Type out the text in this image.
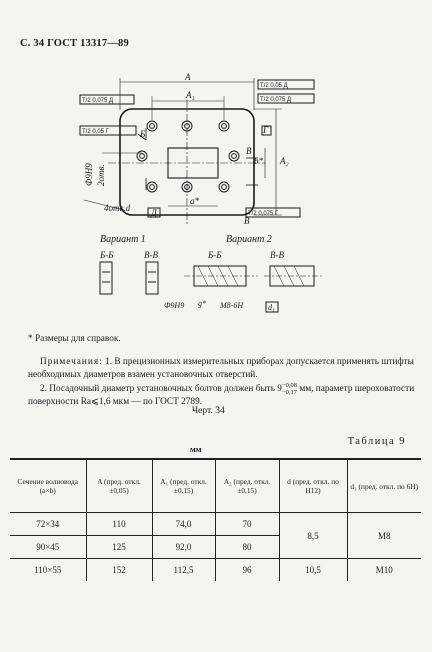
С. 34 ГОСТ 13317—89
A
A₁
A₂
b*
a*
B
Г
Д
Б
В
4отв.d
Ф9Н9 2отв.
Вариант 1	Вариант 2
Б-Б	В-В	Б-Б	В-В
Ф9Н9 g* М8-6Н	d₁
T/2 0,05 Д
T/2 0,075 Д
T/2 0,075 Д
T/2 0,05 Г
T/2 0,075 Г
* Размеры для справок.
Примечания: 1. В прецизионных измерительных приборах допускается применять штифты необходимых диаметров взамен установочных отверстий.
2. Посадочный диаметр установочных болтов должен быть 9 −0,08
−0,17 мм, параметр шероховатости поверхности Ra⩽1,6 мкм — по ГОСТ 2789.
Черт. 34
Таблица 9
мм
Сечение волновода (а×b)	A (пред. откл. ±0,05)	A₁ (пред. откл. ±0,15)	A₂ (пред. откл. ±0,15)	d (пред. откл. по H12)	d₁ (пред. откл. по 6H)
72×34	110	74,0	70	8,5	M8
90×45	125	92,0	80		
110×55	152	112,5	96	10,5	M10
